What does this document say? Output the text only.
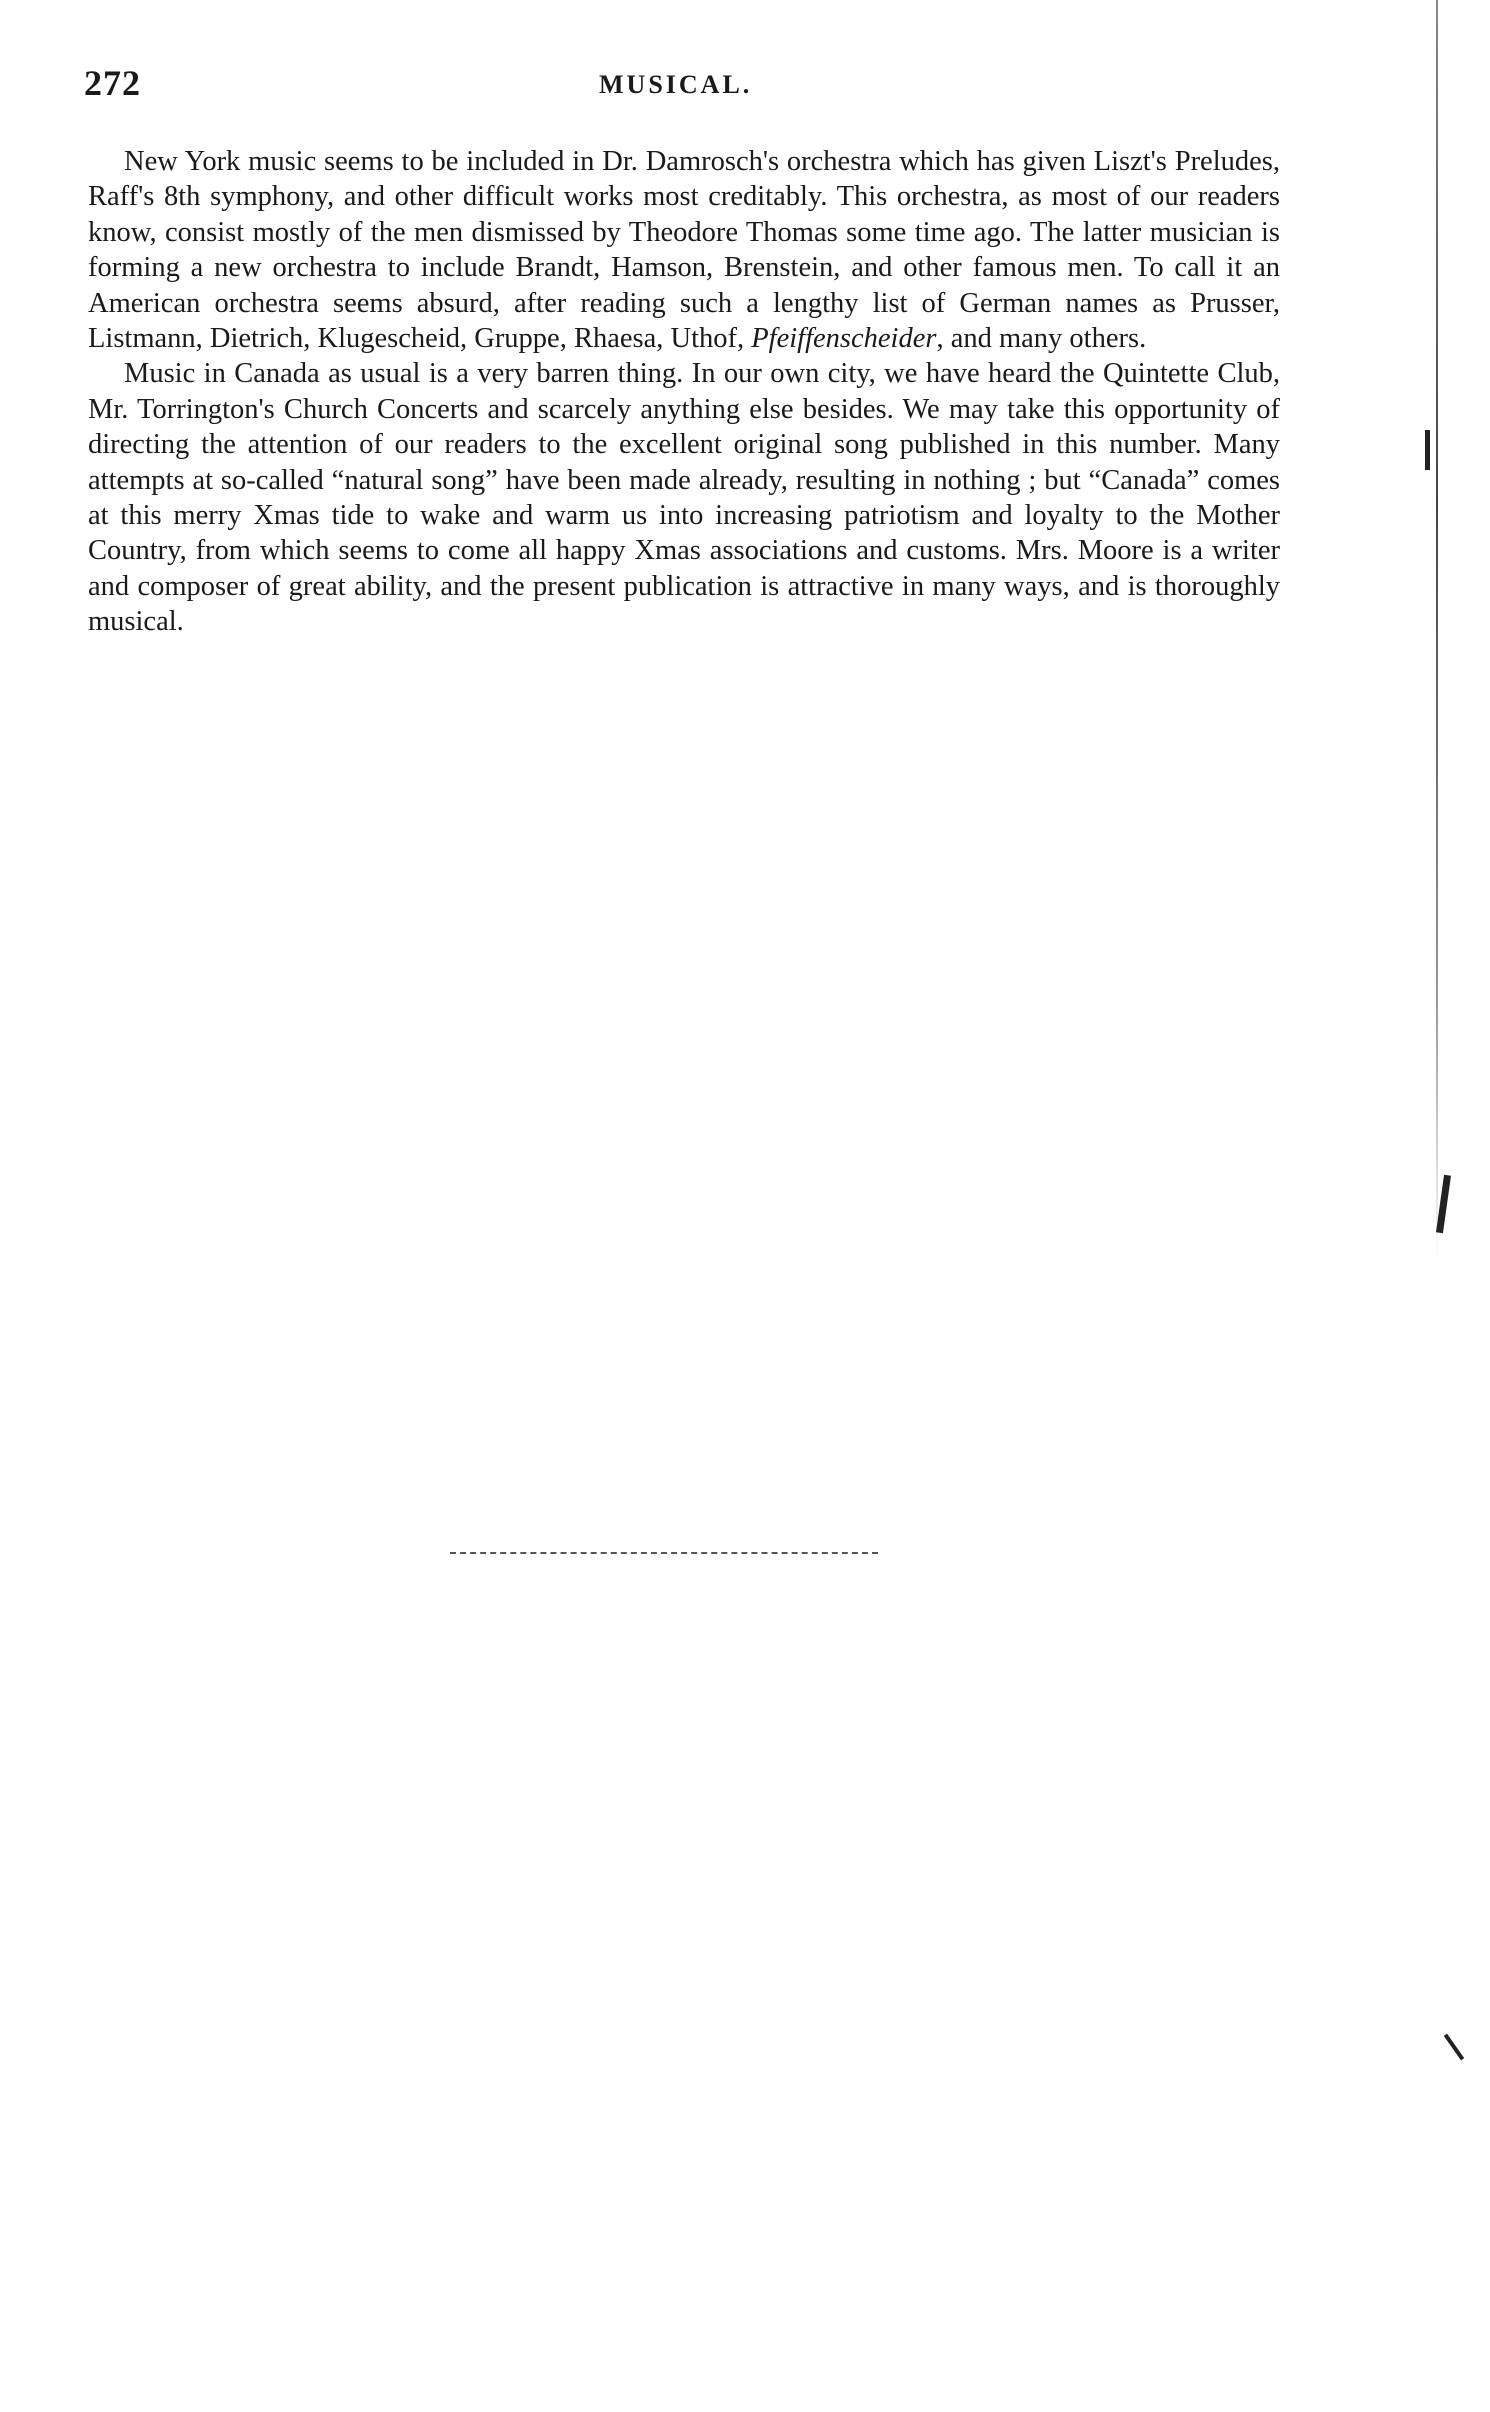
272	MUSICAL.

New York music seems to be included in Dr. Damrosch's orchestra which has given Liszt's Preludes, Raff's 8th symphony, and other difficult works most creditably. This orchestra, as most of our readers know, consist mostly of the men dismissed by Theodore Thomas some time ago. The latter musician is forming a new orchestra to include Brandt, Hamson, Brenstein, and other famous men. To call it an American orchestra seems absurd, after reading such a lengthy list of German names as Prusser, Listmann, Dietrich, Klugescheid, Gruppe, Rhaesa, Uthof, Pfeiffenscheider, and many others.

Music in Canada as usual is a very barren thing. In our own city, we have heard the Quintette Club, Mr. Torrington's Church Concerts and scarcely anything else besides. We may take this opportunity of directing the attention of our readers to the excellent original song published in this number. Many attempts at so-called “natural song” have been made already, resulting in nothing ; but “Canada” comes at this merry Xmas tide to wake and warm us into increasing patriotism and loyalty to the Mother Country, from which seems to come all happy Xmas associations and customs. Mrs. Moore is a writer and composer of great ability, and the present publication is attractive in many ways, and is thoroughly musical.
